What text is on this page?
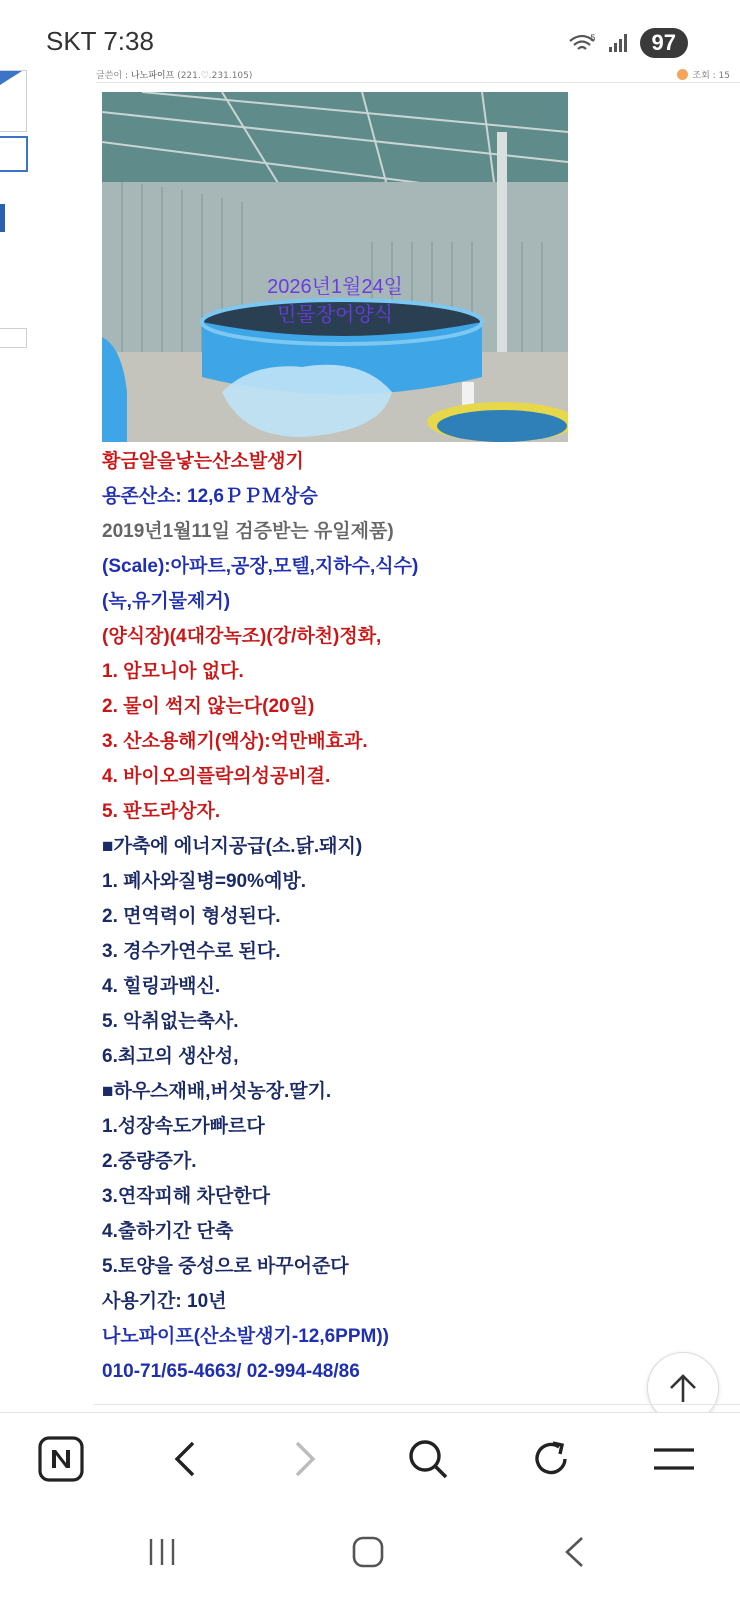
SKT 7:38	5	97
글쓴이 : 나노파이프 (221.♡.231.105)	조회 : 15
2026년1월24일
민물장어양식
황금알을낳는산소발생기
용존산소: 12,6ＰＰＭ상승
2019년1월11일 검증받는 유일제품)
(Scale):아파트,공장,모텔,지하수,식수)
(녹,유기물제거)
(양식장)(4대강녹조)(강/하천)정화,
1. 암모니아 없다.
2. 물이 썩지 않는다(20일)
3. 산소용해기(액상):억만배효과.
4. 바이오의플락의성공비결.
5. 판도라상자.
■가축에 에너지공급(소.닭.돼지)
1. 폐사와질병=90%예방.
2. 면역력이 형성된다.
3. 경수가연수로 된다.
4. 힐링과백신.
5. 악취없는축사.
6.최고의 생산성,
■하우스재배,버섯농장.딸기.
1.성장속도가빠르다
2.중량증가.
3.연작피해 차단한다
4.출하기간 단축
5.토양을 중성으로 바꾸어준다
사용기간: 10년
나노파이프(산소발생기-12,6PPM))
010-71/65-4663/ 02-994-48/86
